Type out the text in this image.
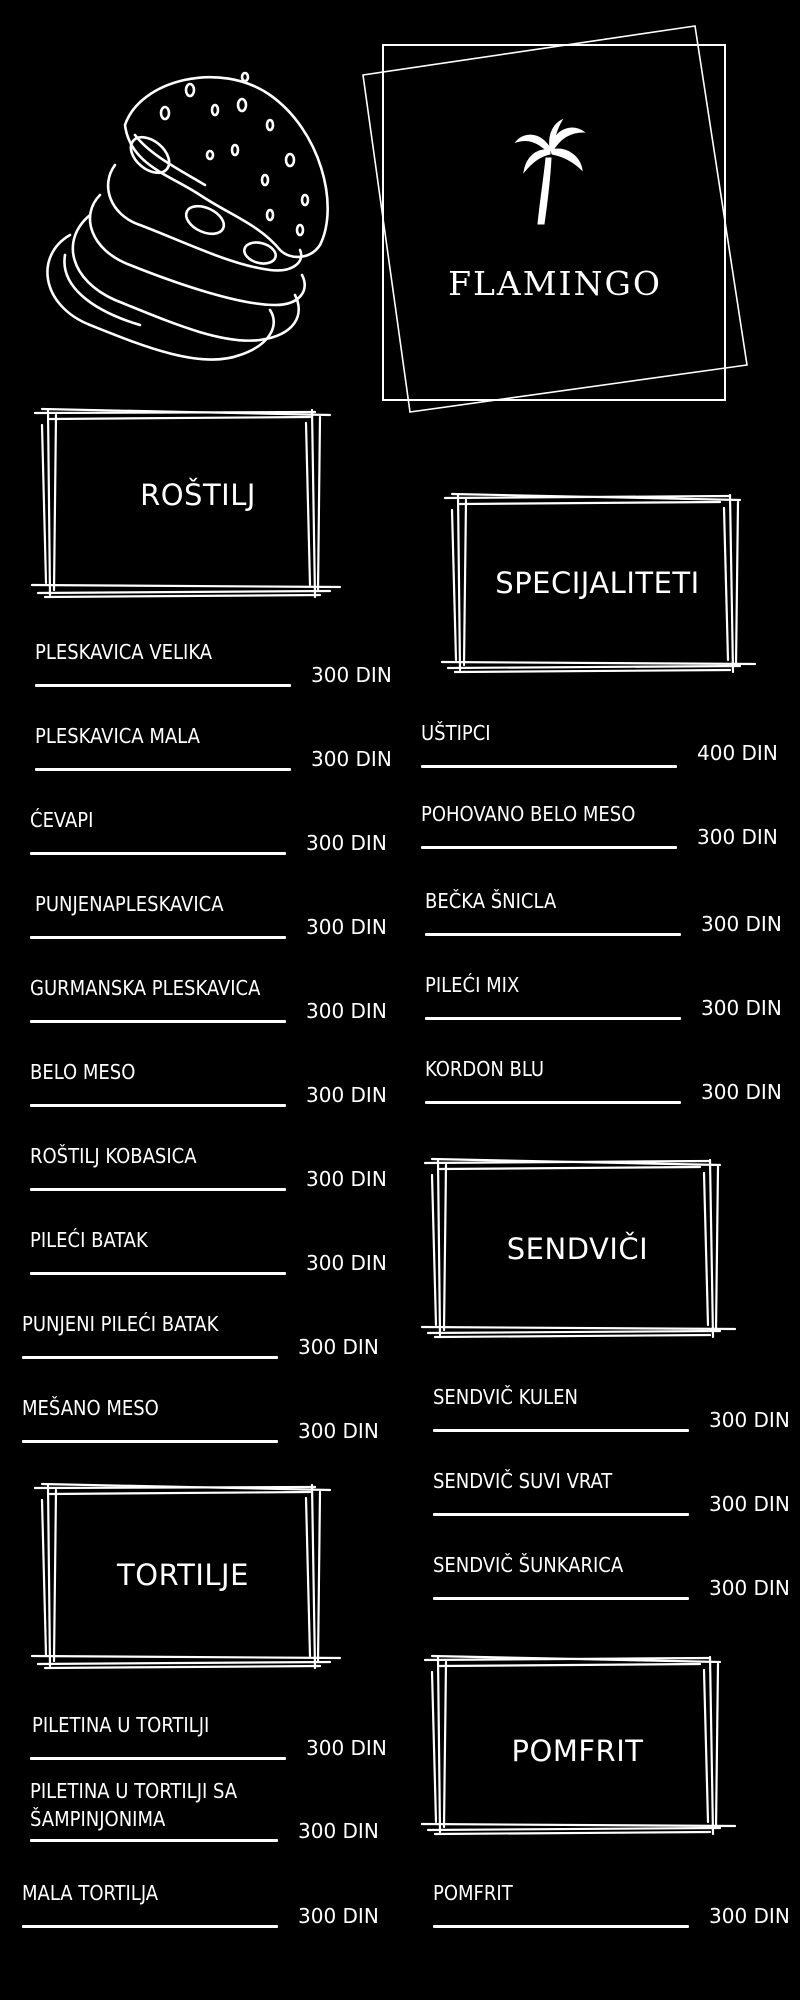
FLAMINGO
ROŠTILJ
SPECIJALITETI
SENDVIČI
TORTILJE
POMFRIT
PLESKAVICA VELIKA
300 DIN
PLESKAVICA MALA
300 DIN
ĆEVAPI
300 DIN
PUNJENAPLESKAVICA
300 DIN
GURMANSKA PLESKAVICA
300 DIN
BELO MESO
300 DIN
ROŠTILJ KOBASICA
300 DIN
PILEĆI BATAK
300 DIN
PUNJENI PILEĆI BATAK
300 DIN
MEŠANO MESO
300 DIN
UŠTIPCI
400 DIN
POHOVANO BELO MESO
300 DIN
BEČKA ŠNICLA
300 DIN
PILEĆI MIX
300 DIN
KORDON BLU
300 DIN
SENDVIČ KULEN
300 DIN
SENDVIČ SUVI VRAT
300 DIN
SENDVIČ ŠUNKARICA
300 DIN
PILETINA U TORTILJI
300 DIN
PILETINA U TORTILJI SA
ŠAMPINJONIMA	300 DIN
MALA TORTILJA
300 DIN
POMFRIT
300 DIN
